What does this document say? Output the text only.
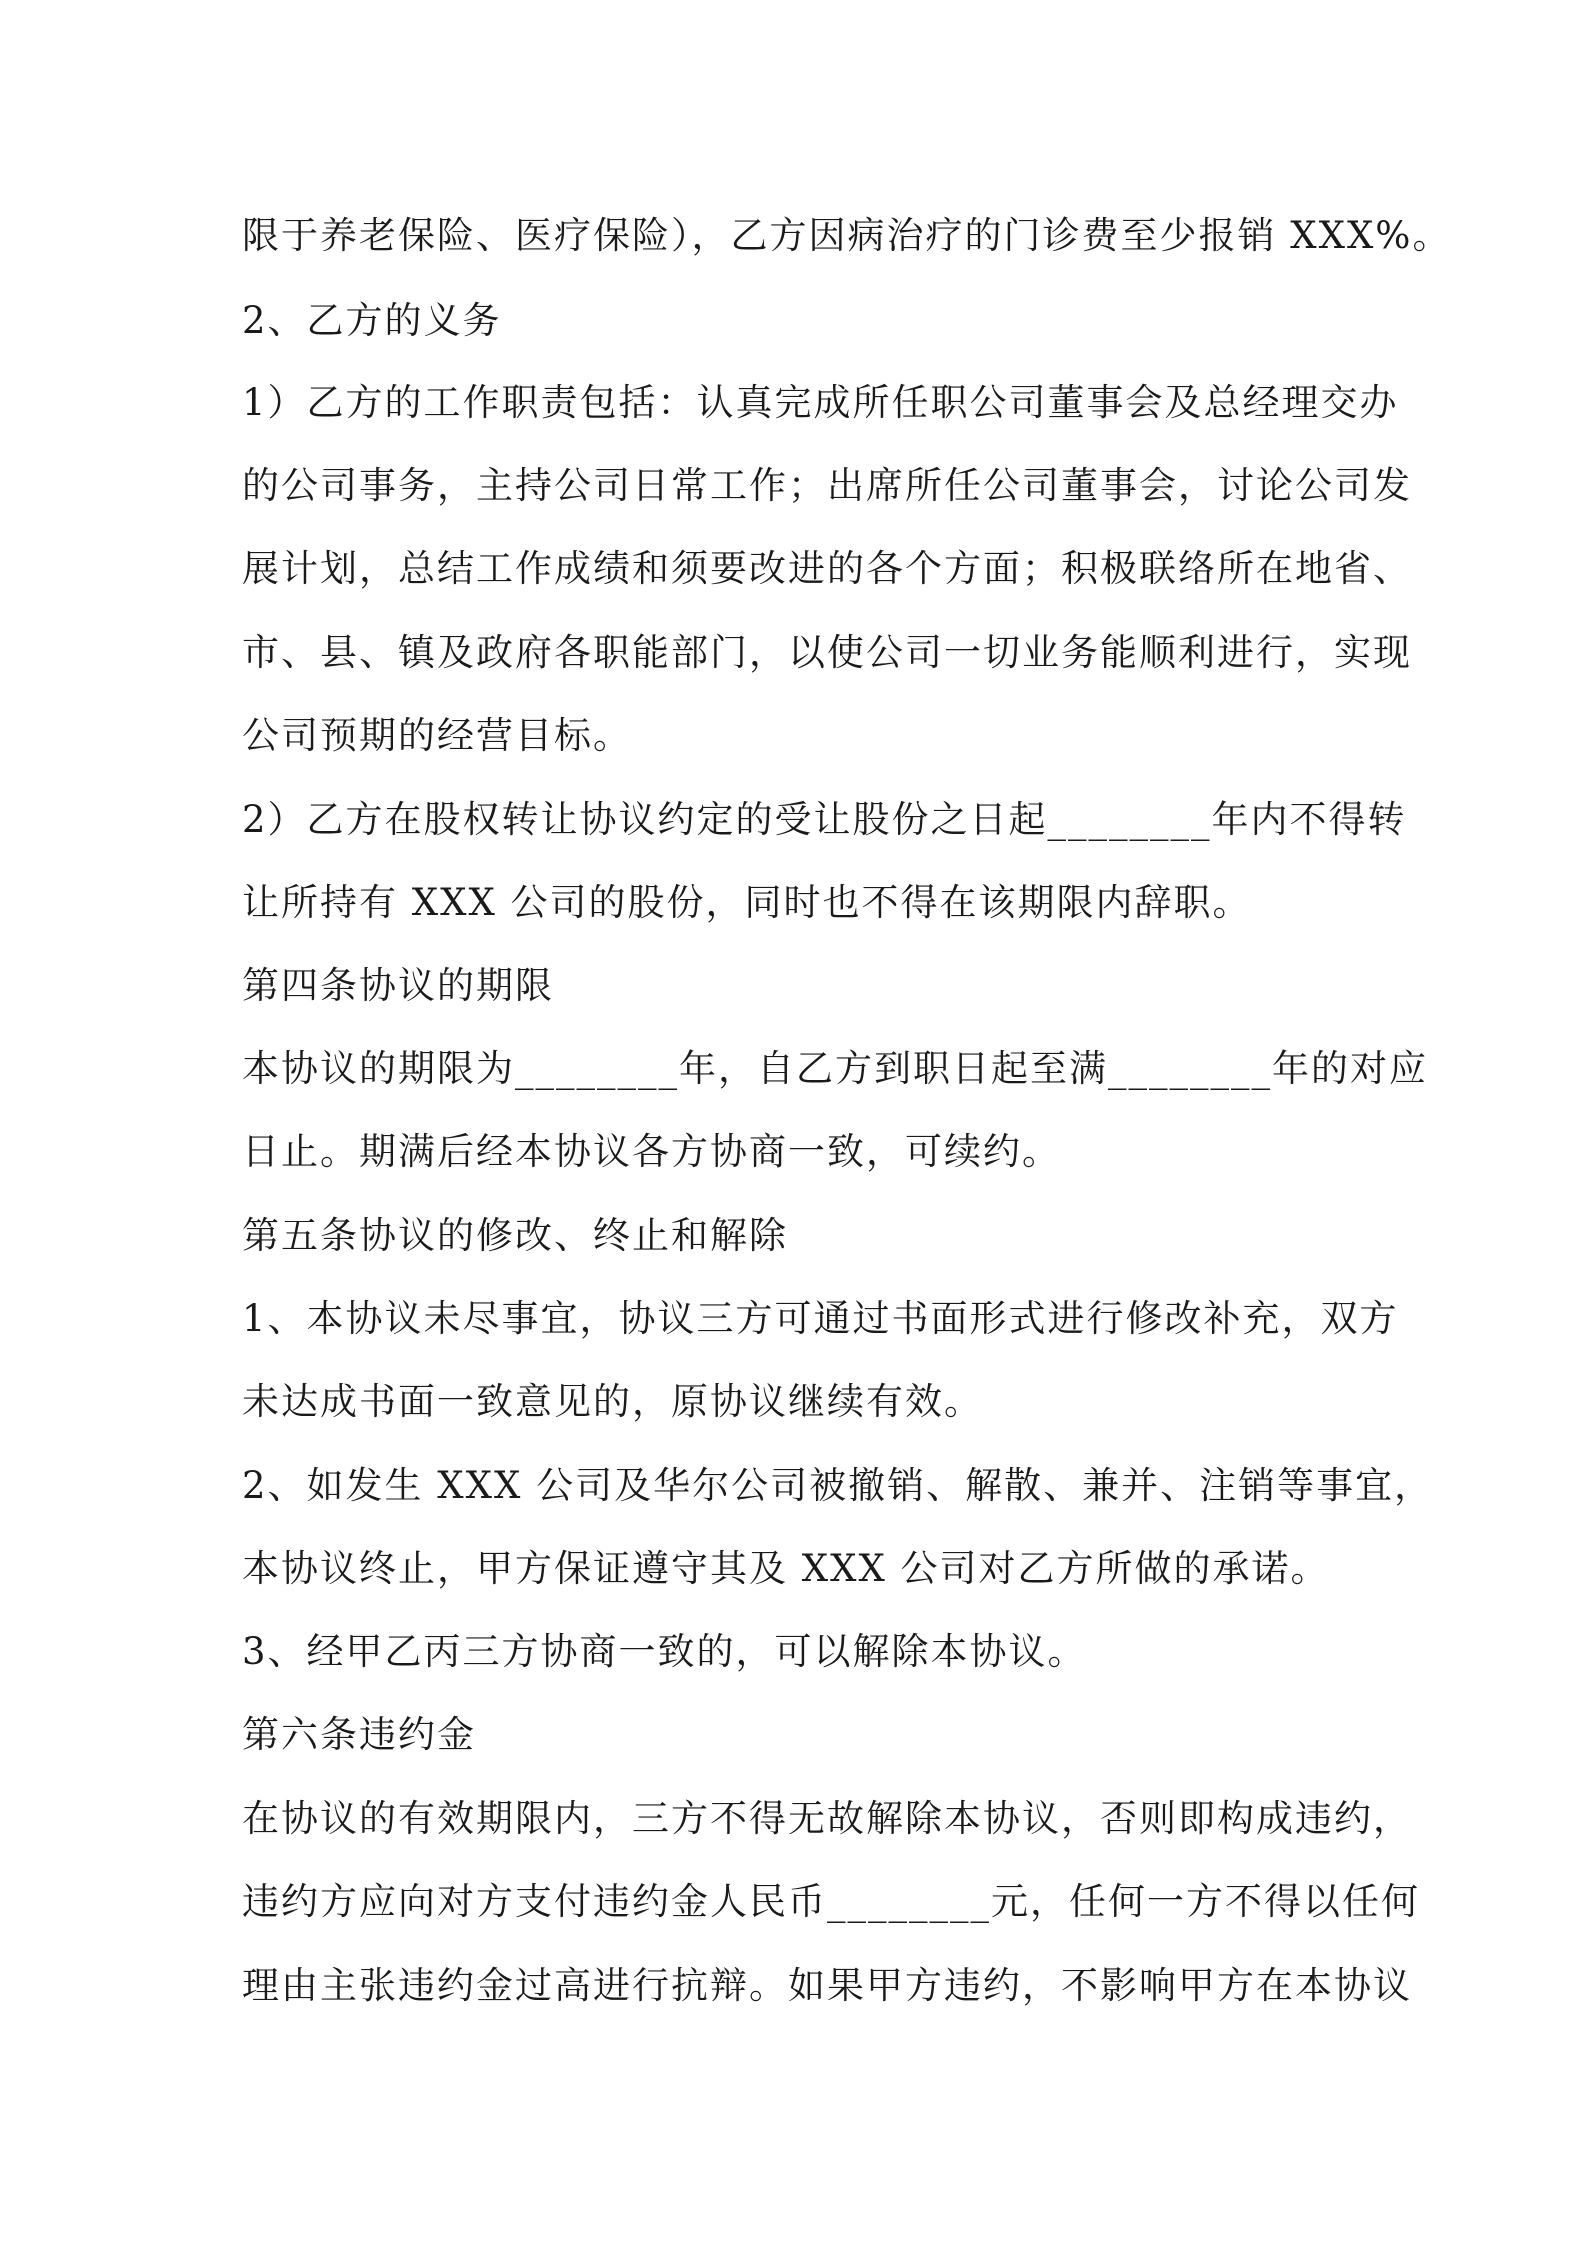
限于养老保险、医疗保险），乙方因病治疗的门诊费至少报销 XXX%。
2、乙方的义务
1）乙方的工作职责包括：认真完成所任职公司董事会及总经理交办
的公司事务，主持公司日常工作；出席所任公司董事会，讨论公司发
展计划，总结工作成绩和须要改进的各个方面；积极联络所在地省、
市、县、镇及政府各职能部门，以使公司一切业务能顺利进行，实现
公司预期的经营目标。
2）乙方在股权转让协议约定的受让股份之日起________年内不得转
让所持有 XXX 公司的股份，同时也不得在该期限内辞职。
第四条协议的期限
本协议的期限为________年，自乙方到职日起至满________年的对应
日止。期满后经本协议各方协商一致，可续约。
第五条协议的修改、终止和解除
1、本协议未尽事宜，协议三方可通过书面形式进行修改补充，双方
未达成书面一致意见的，原协议继续有效。
2、如发生 XXX 公司及华尔公司被撤销、解散、兼并、注销等事宜，
本协议终止，甲方保证遵守其及 XXX 公司对乙方所做的承诺。
3、经甲乙丙三方协商一致的，可以解除本协议。
第六条违约金
在协议的有效期限内，三方不得无故解除本协议，否则即构成违约，
违约方应向对方支付违约金人民币________元，任何一方不得以任何
理由主张违约金过高进行抗辩。如果甲方违约，不影响甲方在本协议
